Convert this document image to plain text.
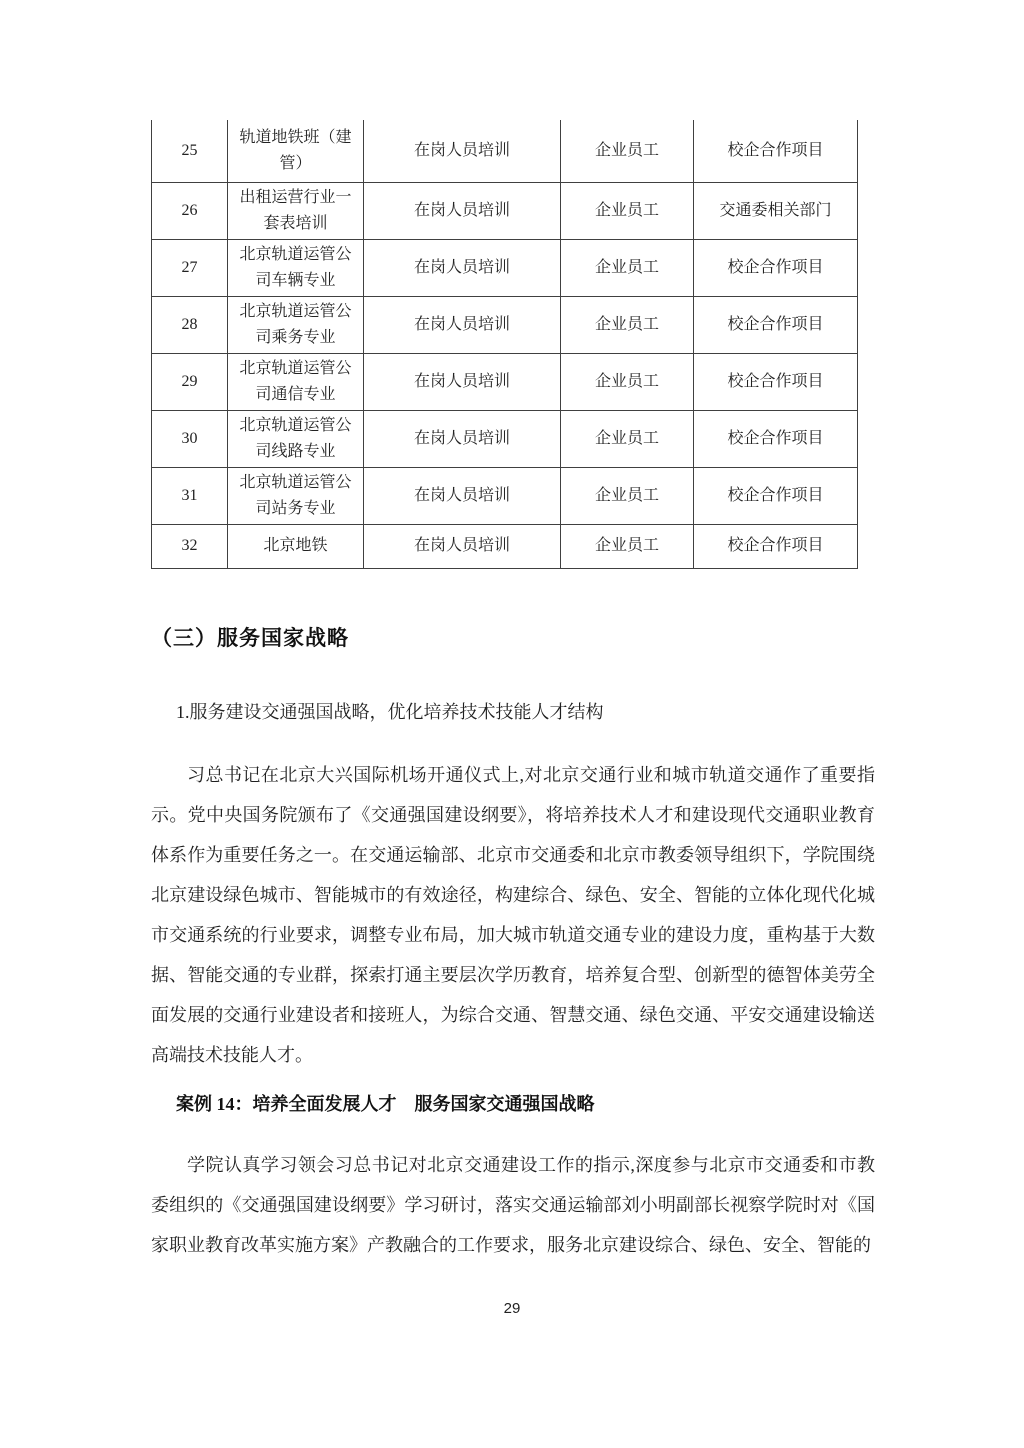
25	轨道地铁班（建管）	在岗人员培训	企业员工	校企合作项目
26	出租运营行业一套表培训	在岗人员培训	企业员工	交通委相关部门
27	北京轨道运管公司车辆专业	在岗人员培训	企业员工	校企合作项目
28	北京轨道运管公司乘务专业	在岗人员培训	企业员工	校企合作项目
29	北京轨道运管公司通信专业	在岗人员培训	企业员工	校企合作项目
30	北京轨道运管公司线路专业	在岗人员培训	企业员工	校企合作项目
31	北京轨道运管公司站务专业	在岗人员培训	企业员工	校企合作项目
32	北京地铁	在岗人员培训	企业员工	校企合作项目
（三）服务国家战略
1.服务建设交通强国战略，优化培养技术技能人才结构

习总书记在北京大兴国际机场开通仪式上,对北京交通行业和城市轨道交通作了重要指示。党中央国务院颁布了《交通强国建设纲要》，将培养技术人才和建设现代交通职业教育体系作为重要任务之一。在交通运输部、北京市交通委和北京市教委领导组织下，学院围绕北京建设绿色城市、智能城市的有效途径，构建综合、绿色、安全、智能的立体化现代化城市交通系统的行业要求，调整专业布局，加大城市轨道交通专业的建设力度，重构基于大数据、智能交通的专业群，探索打通主要层次学历教育，培养复合型、创新型的德智体美劳全面发展的交通行业建设者和接班人，为综合交通、智慧交通、绿色交通、平安交通建设输送高端技术技能人才。

案例 14：培养全面发展人才　服务国家交通强国战略

学院认真学习领会习总书记对北京交通建设工作的指示,深度参与北京市交通委和市教委组织的《交通强国建设纲要》学习研讨，落实交通运输部刘小明副部长视察学院时对《国家职业教育改革实施方案》产教融合的工作要求，服务北京建设综合、绿色、安全、智能的

29
